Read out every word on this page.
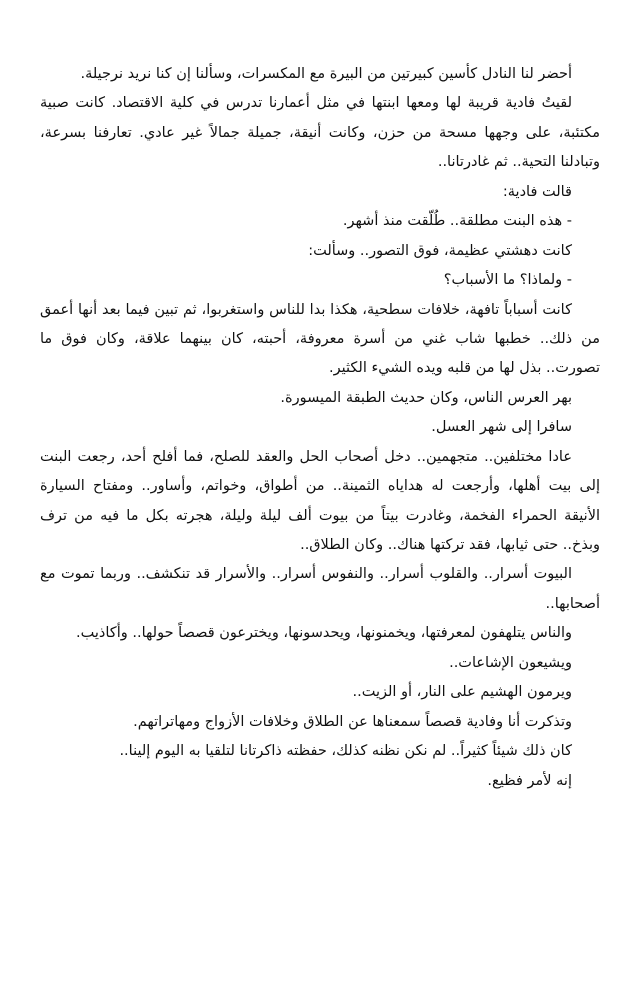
أحضر لنا النادل كأسين كبيرتين من البيرة مع المكسرات، وسألنا إن كنا نريد نرجيلة.
لقيتُ فادية قريبة لها ومعها ابنتها في مثل أعمارنا تدرس في كلية الاقتصاد. كانت صبية
مكتئبة، على وجهها مسحة من حزن، وكانت أنيقة، جميلة جمالاً غير عادي. تعارفنا بسرعة،
وتبادلنا التحية.. ثم غادرتانا..
قالت فادية:
- هذه البنت مطلقة.. طُلّقت منذ أشهر.
كانت دهشتي عظيمة، فوق التصور.. وسألت:
- ولماذا؟ ما الأسباب؟
كانت أسباباً تافهة، خلافات سطحية، هكذا بدا للناس واستغربوا، ثم تبين فيما بعد أنها أعمق
من ذلك.. خطبها شاب غني من أسرة معروفة، أحبته، كان بينهما علاقة، وكان فوق ما
تصورت.. بذل لها من قلبه ويده الشيء الكثير.
بهر العرس الناس، وكان حديث الطبقة الميسورة.
سافرا إلى شهر العسل.
عادا مختلفين.. متجهمين.. دخل أصحاب الحل والعقد للصلح، فما أفلح أحد، رجعت البنت
إلى بيت أهلها، وأرجعت له هداياه الثمينة.. من أطواق، وخواتم، وأساور.. ومفتاح السيارة
الأنيقة الحمراء الفخمة، وغادرت بيتاً من بيوت ألف ليلة وليلة، هجرته بكل ما فيه من ترف
وبذخ.. حتى ثيابها، فقد تركتها هناك.. وكان الطلاق..
البيوت أسرار.. والقلوب أسرار.. والنفوس أسرار.. والأسرار قد تنكشف.. وربما تموت مع
أصحابها..
والناس يتلهفون لمعرفتها، ويخمنونها، ويحدسونها، ويخترعون قصصاً حولها.. وأكاذيب.
ويشيعون الإشاعات..
ويرمون الهشيم على النار، أو الزيت..
وتذكرت أنا وفادية قصصاً سمعناها عن الطلاق وخلافات الأزواج ومهاتراتهم.
كان ذلك شيئاً كثيراً.. لم نكن نظنه كذلك، حفظته ذاكرتانا لتلقيا به اليوم إلينا..
إنه لأمر فظيع.
